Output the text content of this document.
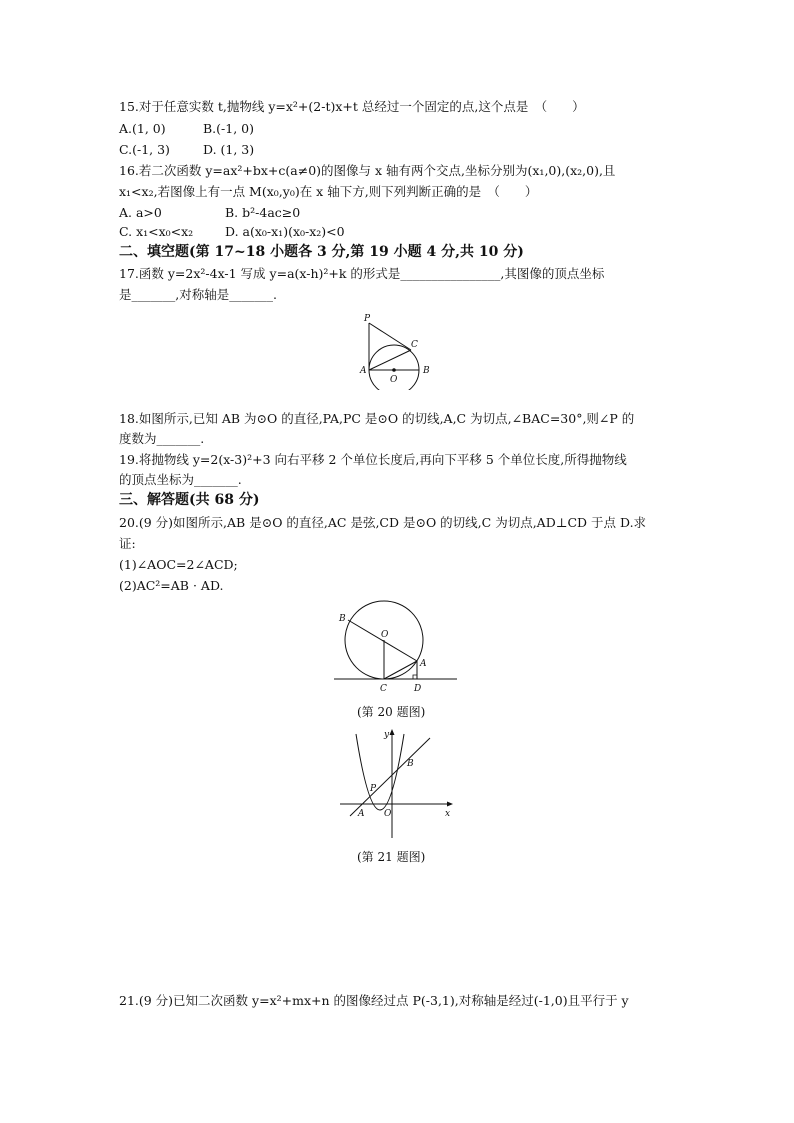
15.对于任意实数 t,抛物线 y=x²+(2-t)x+t 总经过一个固定的点,这个点是　（　　）
A.(1, 0)	B.(-1, 0)
C.(-1, 3)	D. (1, 3)
16.若二次函数 y=ax²+bx+c(a≠0)的图像与 x 轴有两个交点,坐标分别为(x₁,0),(x₂,0),且
x₁<x₂,若图像上有一点 M(x₀,y₀)在 x 轴下方,则下列判断正确的是　（　　）
A. a>0	B. b²-4ac≥0
C. x₁<x₀<x₂	D. a(x₀-x₁)(x₀-x₂)<0
二、填空题(第 17~18 小题各 3 分,第 19 小题 4 分,共 10 分)
17.函数 y=2x²-4x-1 写成 y=a(x-h)²+k 的形式是________________,其图像的顶点坐标
是_______,对称轴是_______.
P
C
A
O
B
18.如图所示,已知 AB 为⊙O 的直径,PA,PC 是⊙O 的切线,A,C 为切点,∠BAC=30°,则∠P 的
度数为_______.
19.将抛物线 y=2(x-3)²+3 向右平移 2 个单位长度后,再向下平移 5 个单位长度,所得抛物线
的顶点坐标为_______.
三、解答题(共 68 分)
20.(9 分)如图所示,AB 是⊙O 的直径,AC 是弦,CD 是⊙O 的切线,C 为切点,AD⊥CD 于点 D.求
证:
(1)∠AOC=2∠ACD;
(2)AC²=AB · AD.
B
O
A
C	D
(第 20 题图)
y
B
P
A O	x
(第 21 题图)
21.(9 分)已知二次函数 y=x²+mx+n 的图像经过点 P(-3,1),对称轴是经过(-1,0)且平行于 y
